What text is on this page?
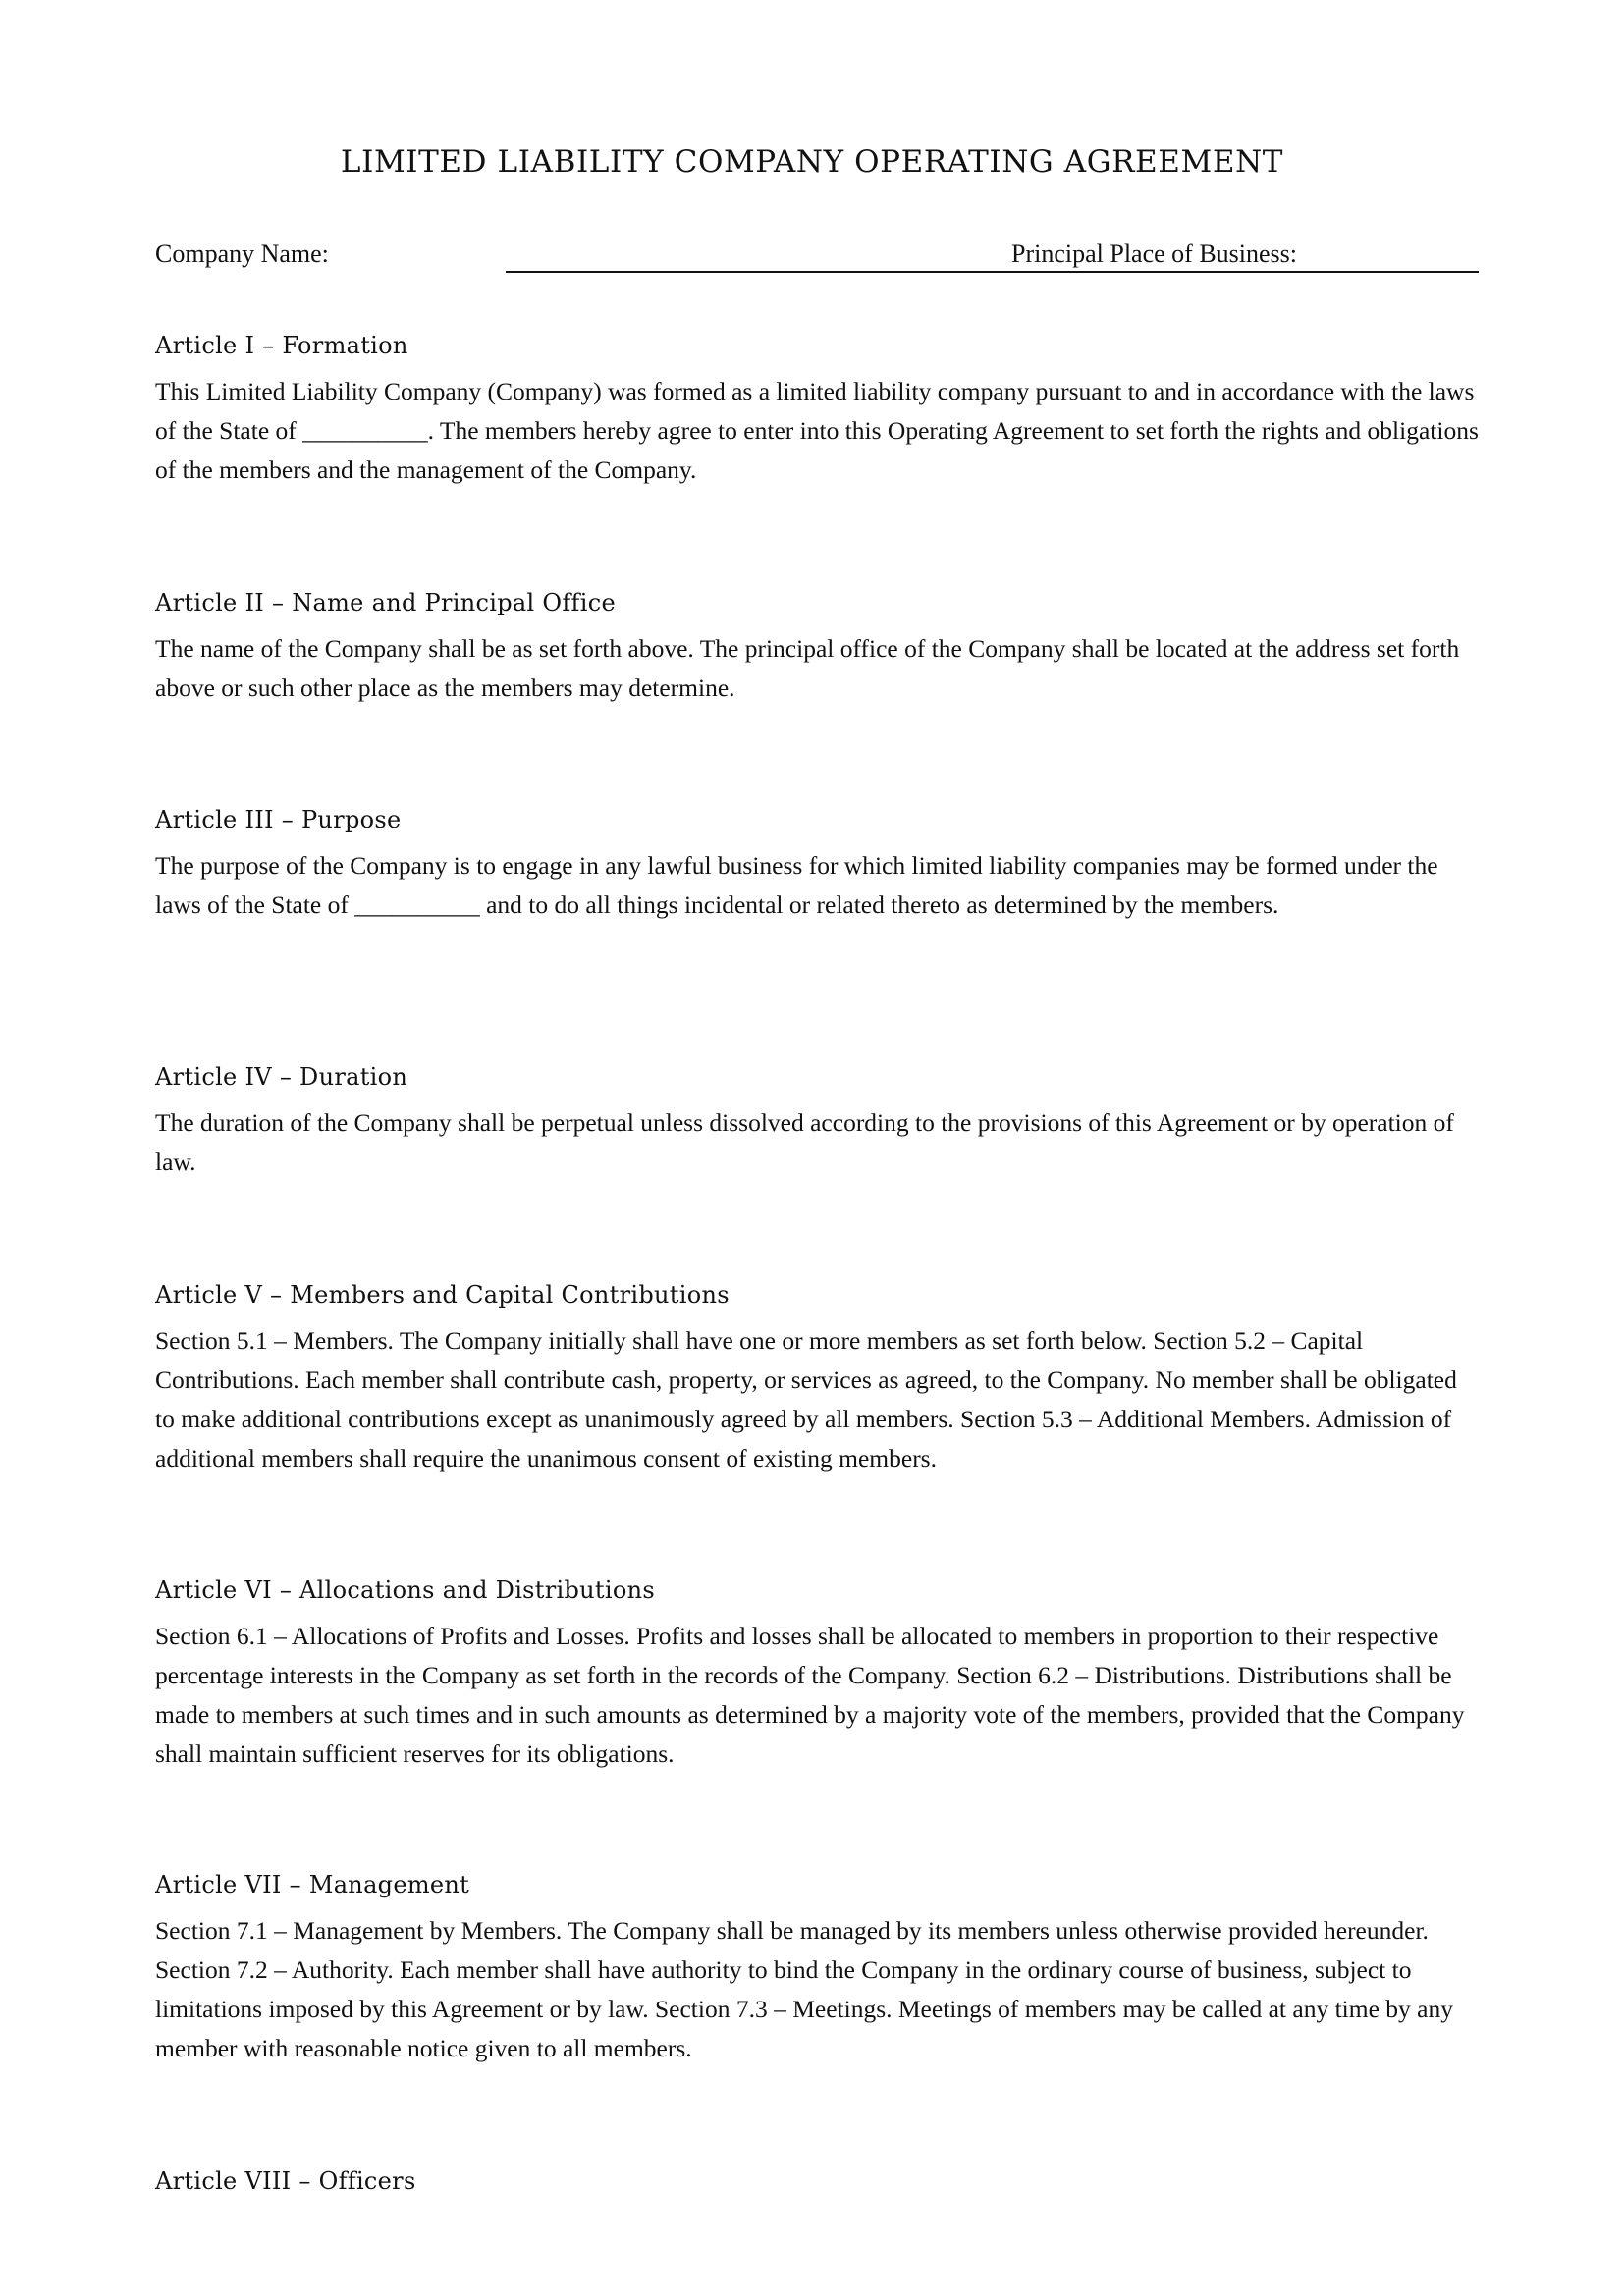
LIMITED LIABILITY COMPANY OPERATING AGREEMENT
Company Name:	Principal Place of Business:
Article I – Formation

This Limited Liability Company (Company) was formed as a limited liability company pursuant to and in accordance with the laws of the State of __________. The members hereby agree to enter into this Operating Agreement to set forth the rights and obligations of the members and the management of the Company.

Article II – Name and Principal Office

The name of the Company shall be as set forth above. The principal office of the Company shall be located at the address set forth above or such other place as the members may determine.

Article III – Purpose

The purpose of the Company is to engage in any lawful business for which limited liability companies may be formed under the laws of the State of __________ and to do all things incidental or related thereto as determined by the members.

Article IV – Duration

The duration of the Company shall be perpetual unless dissolved according to the provisions of this Agreement or by operation of law.

Article V – Members and Capital Contributions

Section 5.1 – Members. The Company initially shall have one or more members as set forth below. Section 5.2 – Capital Contributions. Each member shall contribute cash, property, or services as agreed, to the Company. No member shall be obligated to make additional contributions except as unanimously agreed by all members. Section 5.3 – Additional Members. Admission of additional members shall require the unanimous consent of existing members.

Article VI – Allocations and Distributions

Section 6.1 – Allocations of Profits and Losses. Profits and losses shall be allocated to members in proportion to their respective percentage interests in the Company as set forth in the records of the Company. Section 6.2 – Distributions. Distributions shall be made to members at such times and in such amounts as determined by a majority vote of the members, provided that the Company shall maintain sufficient reserves for its obligations.

Article VII – Management

Section 7.1 – Management by Members. The Company shall be managed by its members unless otherwise provided hereunder. Section 7.2 – Authority. Each member shall have authority to bind the Company in the ordinary course of business, subject to limitations imposed by this Agreement or by law. Section 7.3 – Meetings. Meetings of members may be called at any time by any member with reasonable notice given to all members.

Article VIII – Officers
